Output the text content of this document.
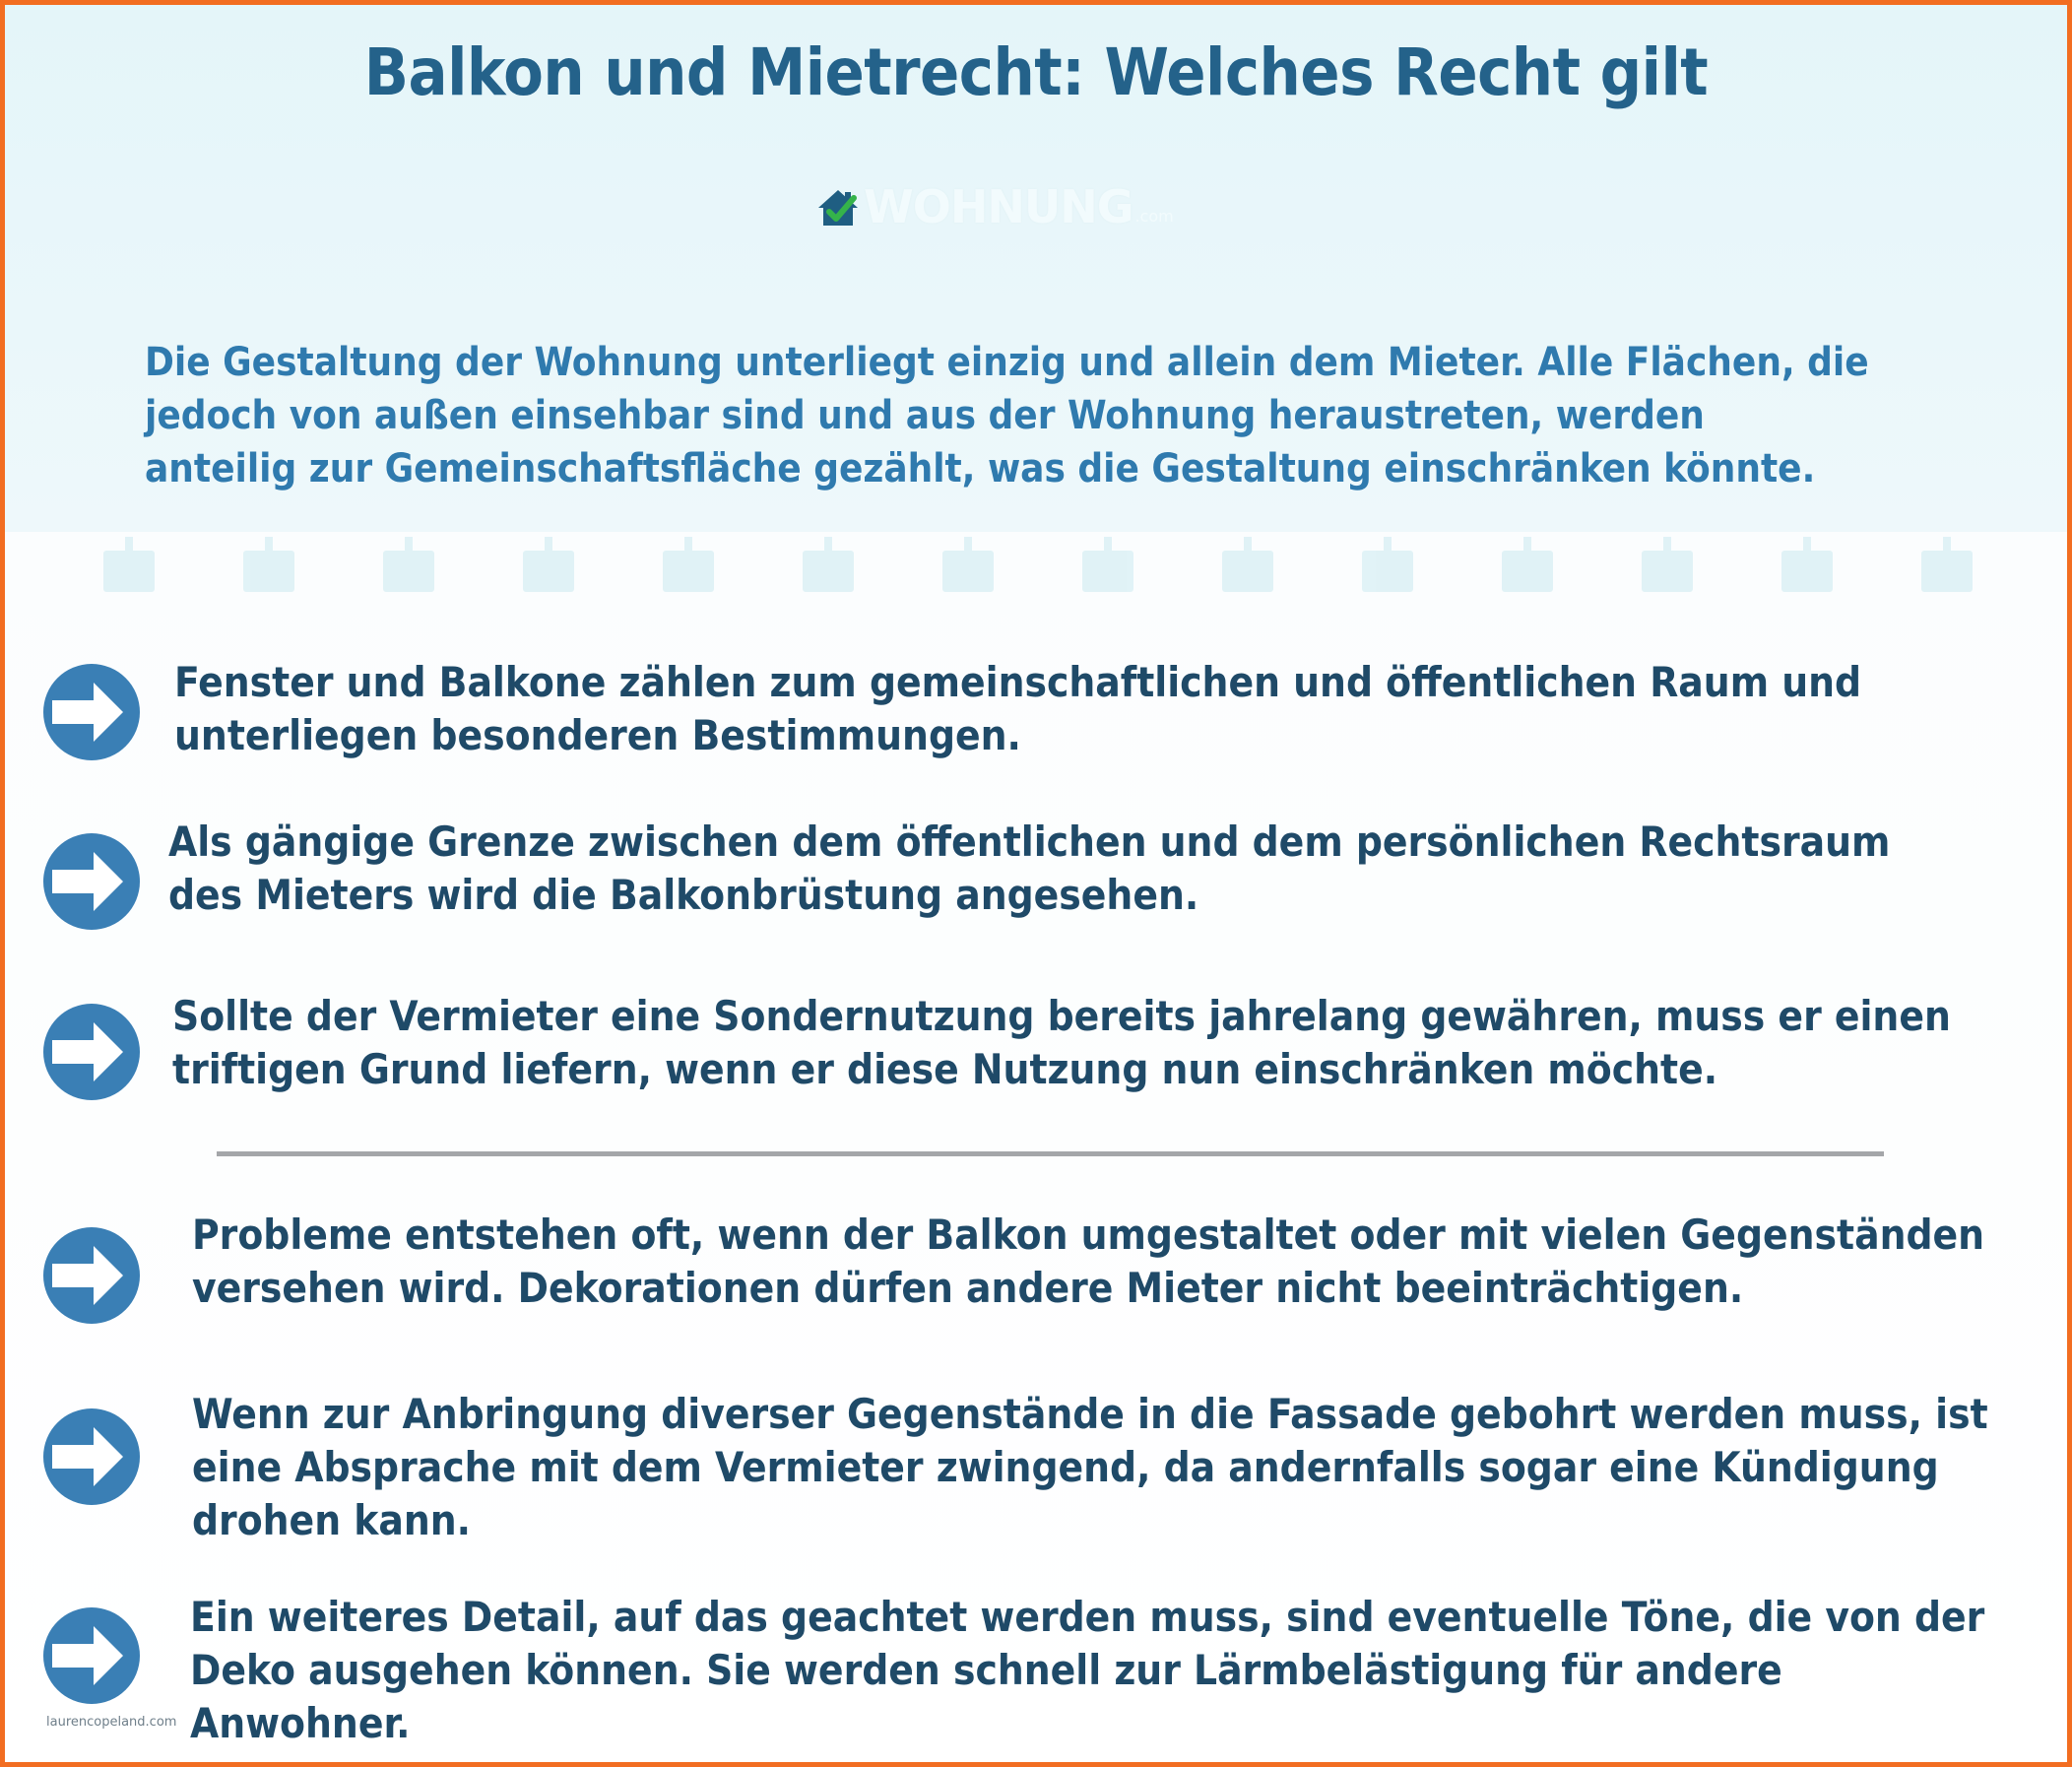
Balkon und Mietrecht: Welches Recht gilt
WOHNUNG .com
Die Gestaltung der Wohnung unterliegt einzig und allein dem Mieter. Alle Flächen, die
jedoch von außen einsehbar sind und aus der Wohnung heraustreten, werden
anteilig zur Gemeinschaftsfläche gezählt, was die Gestaltung einschränken könnte.
Fenster und Balkone zählen zum gemeinschaftlichen und öffentlichen Raum und
unterliegen besonderen Bestimmungen.
Als gängige Grenze zwischen dem öffentlichen und dem persönlichen Rechtsraum
des Mieters wird die Balkonbrüstung angesehen.
Sollte der Vermieter eine Sondernutzung bereits jahrelang gewähren, muss er einen
triftigen Grund liefern, wenn er diese Nutzung nun einschränken möchte.
Probleme entstehen oft, wenn der Balkon umgestaltet oder mit vielen Gegenständen
versehen wird. Dekorationen dürfen andere Mieter nicht beeinträchtigen.
Wenn zur Anbringung diverser Gegenstände in die Fassade gebohrt werden muss, ist
eine Absprache mit dem Vermieter zwingend, da andernfalls sogar eine Kündigung
drohen kann.
Ein weiteres Detail, auf das geachtet werden muss, sind eventuelle Töne, die von der
Deko ausgehen können. Sie werden schnell zur Lärmbelästigung für andere
Anwohner.
laurencopeland.com
